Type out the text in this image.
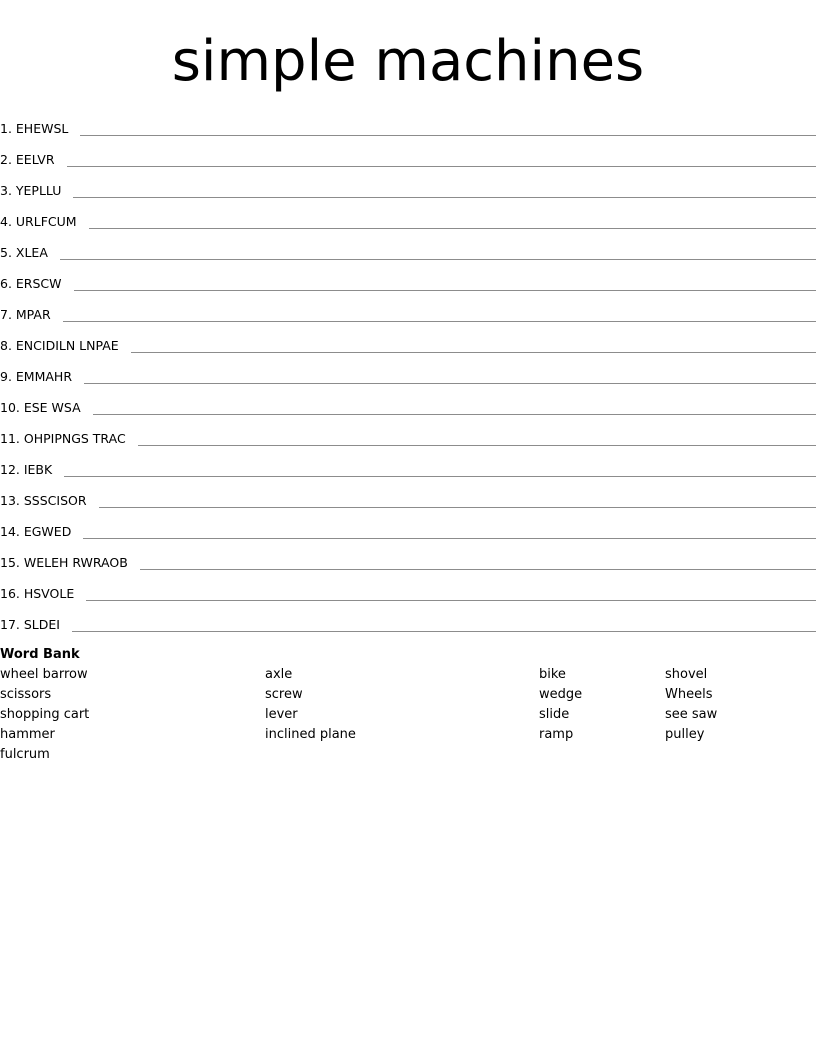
simple machines
1. EHEWSL
2. EELVR
3. YEPLLU
4. URLFCUM
5. XLEA
6. ERSCW
7. MPAR
8. ENCIDILN LNPAE
9. EMMAHR
10. ESE WSA
11. OHPIPNGS TRAC
12. IEBK
13. SSSCISOR
14. EGWED
15. WELEH RWRAOB
16. HSVOLE
17. SLDEI
Word Bank
wheel barrow	axle	bike	shovel
scissors	screw	wedge	Wheels
shopping cart	lever	slide	see saw
hammer	inclined plane	ramp	pulley
fulcrum
